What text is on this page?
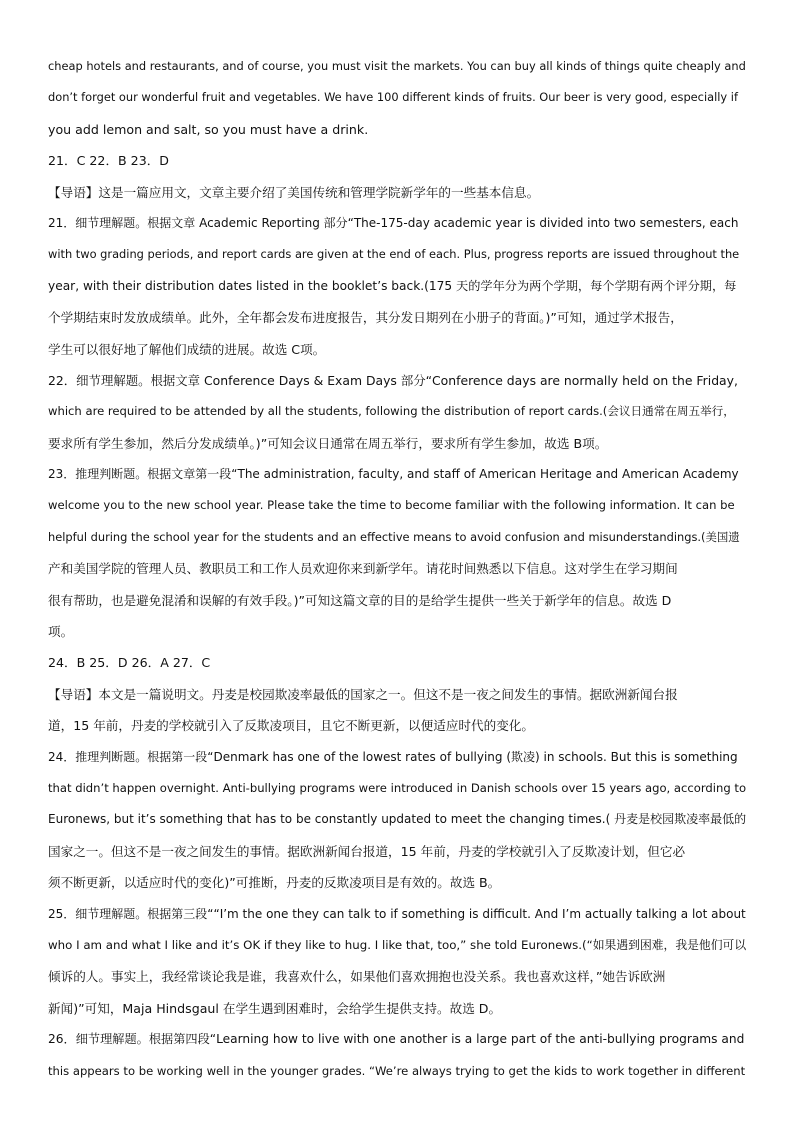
cheap hotels and restaurants, and of course, you must visit the markets. You can buy all kinds of things quite cheaply and
don’t forget our wonderful fruit and vegetables. We have 100 different kinds of fruits. Our beer is very good, especially if
you add lemon and salt, so you must have a drink.
21．C 22．B 23．D
【导语】这是一篇应用文，文章主要介绍了美国传统和管理学院新学年的一些基本信息。
21．细节理解题。根据文章 Academic Reporting 部分“The-175-day academic year is divided into two semesters, each
with two grading periods, and report cards are given at the end of each. Plus, progress reports are issued throughout the
year, with their distribution dates listed in the booklet’s back.(175 天的学年分为两个学期，每个学期有两个评分期，每
个学期结束时发放成绩单。此外，全年都会发布进度报告，其分发日期列在小册子的背面。)”可知，通过学术报告，
学生可以很好地了解他们成绩的进展。故选 C项。
22．细节理解题。根据文章 Conference Days & Exam Days 部分“Conference days are normally held on the Friday,
which are required to be attended by all the students, following the distribution of report cards.(会议日通常在周五举行，
要求所有学生参加，然后分发成绩单。)”可知会议日通常在周五举行，要求所有学生参加，故选 B项。
23．推理判断题。根据文章第一段“The administration, faculty, and staff of American Heritage and American Academy
welcome you to the new school year. Please take the time to become familiar with the following information. It can be
helpful during the school year for the students and an effective means to avoid confusion and misunderstandings.(美国遗
产和美国学院的管理人员、教职员工和工作人员欢迎你来到新学年。请花时间熟悉以下信息。这对学生在学习期间
很有帮助，也是避免混淆和误解的有效手段。)”可知这篇文章的目的是给学生提供一些关于新学年的信息。故选 D
项。
24．B 25．D 26．A 27．C
【导语】本文是一篇说明文。丹麦是校园欺凌率最低的国家之一。但这不是一夜之间发生的事情。据欧洲新闻台报
道，15 年前，丹麦的学校就引入了反欺凌项目，且它不断更新，以便适应时代的变化。
24．推理判断题。根据第一段“Denmark has one of the lowest rates of bullying (欺凌) in schools. But this is something
that didn’t happen overnight. Anti-bullying programs were introduced in Danish schools over 15 years ago, according to
Euronews, but it’s something that has to be constantly updated to meet the changing times.( 丹麦是校园欺凌率最低的
国家之一。但这不是一夜之间发生的事情。据欧洲新闻台报道，15 年前，丹麦的学校就引入了反欺凌计划，但它必
须不断更新，以适应时代的变化)”可推断，丹麦的反欺凌项目是有效的。故选 B。
25．细节理解题。根据第三段““I’m the one they can talk to if something is difficult. And I’m actually talking a lot about
who I am and what I like and it’s OK if they like to hug. I like that, too,” she told Euronews.(“如果遇到困难，我是他们可以
倾诉的人。事实上，我经常谈论我是谁，我喜欢什么，如果他们喜欢拥抱也没关系。我也喜欢这样，”她告诉欧洲
新闻)”可知，Maja Hindsgaul 在学生遇到困难时，会给学生提供支持。故选 D。
26．细节理解题。根据第四段“Learning how to live with one another is a large part of the anti-bullying programs and
this appears to be working well in the younger grades. “We’re always trying to get the kids to work together in different
